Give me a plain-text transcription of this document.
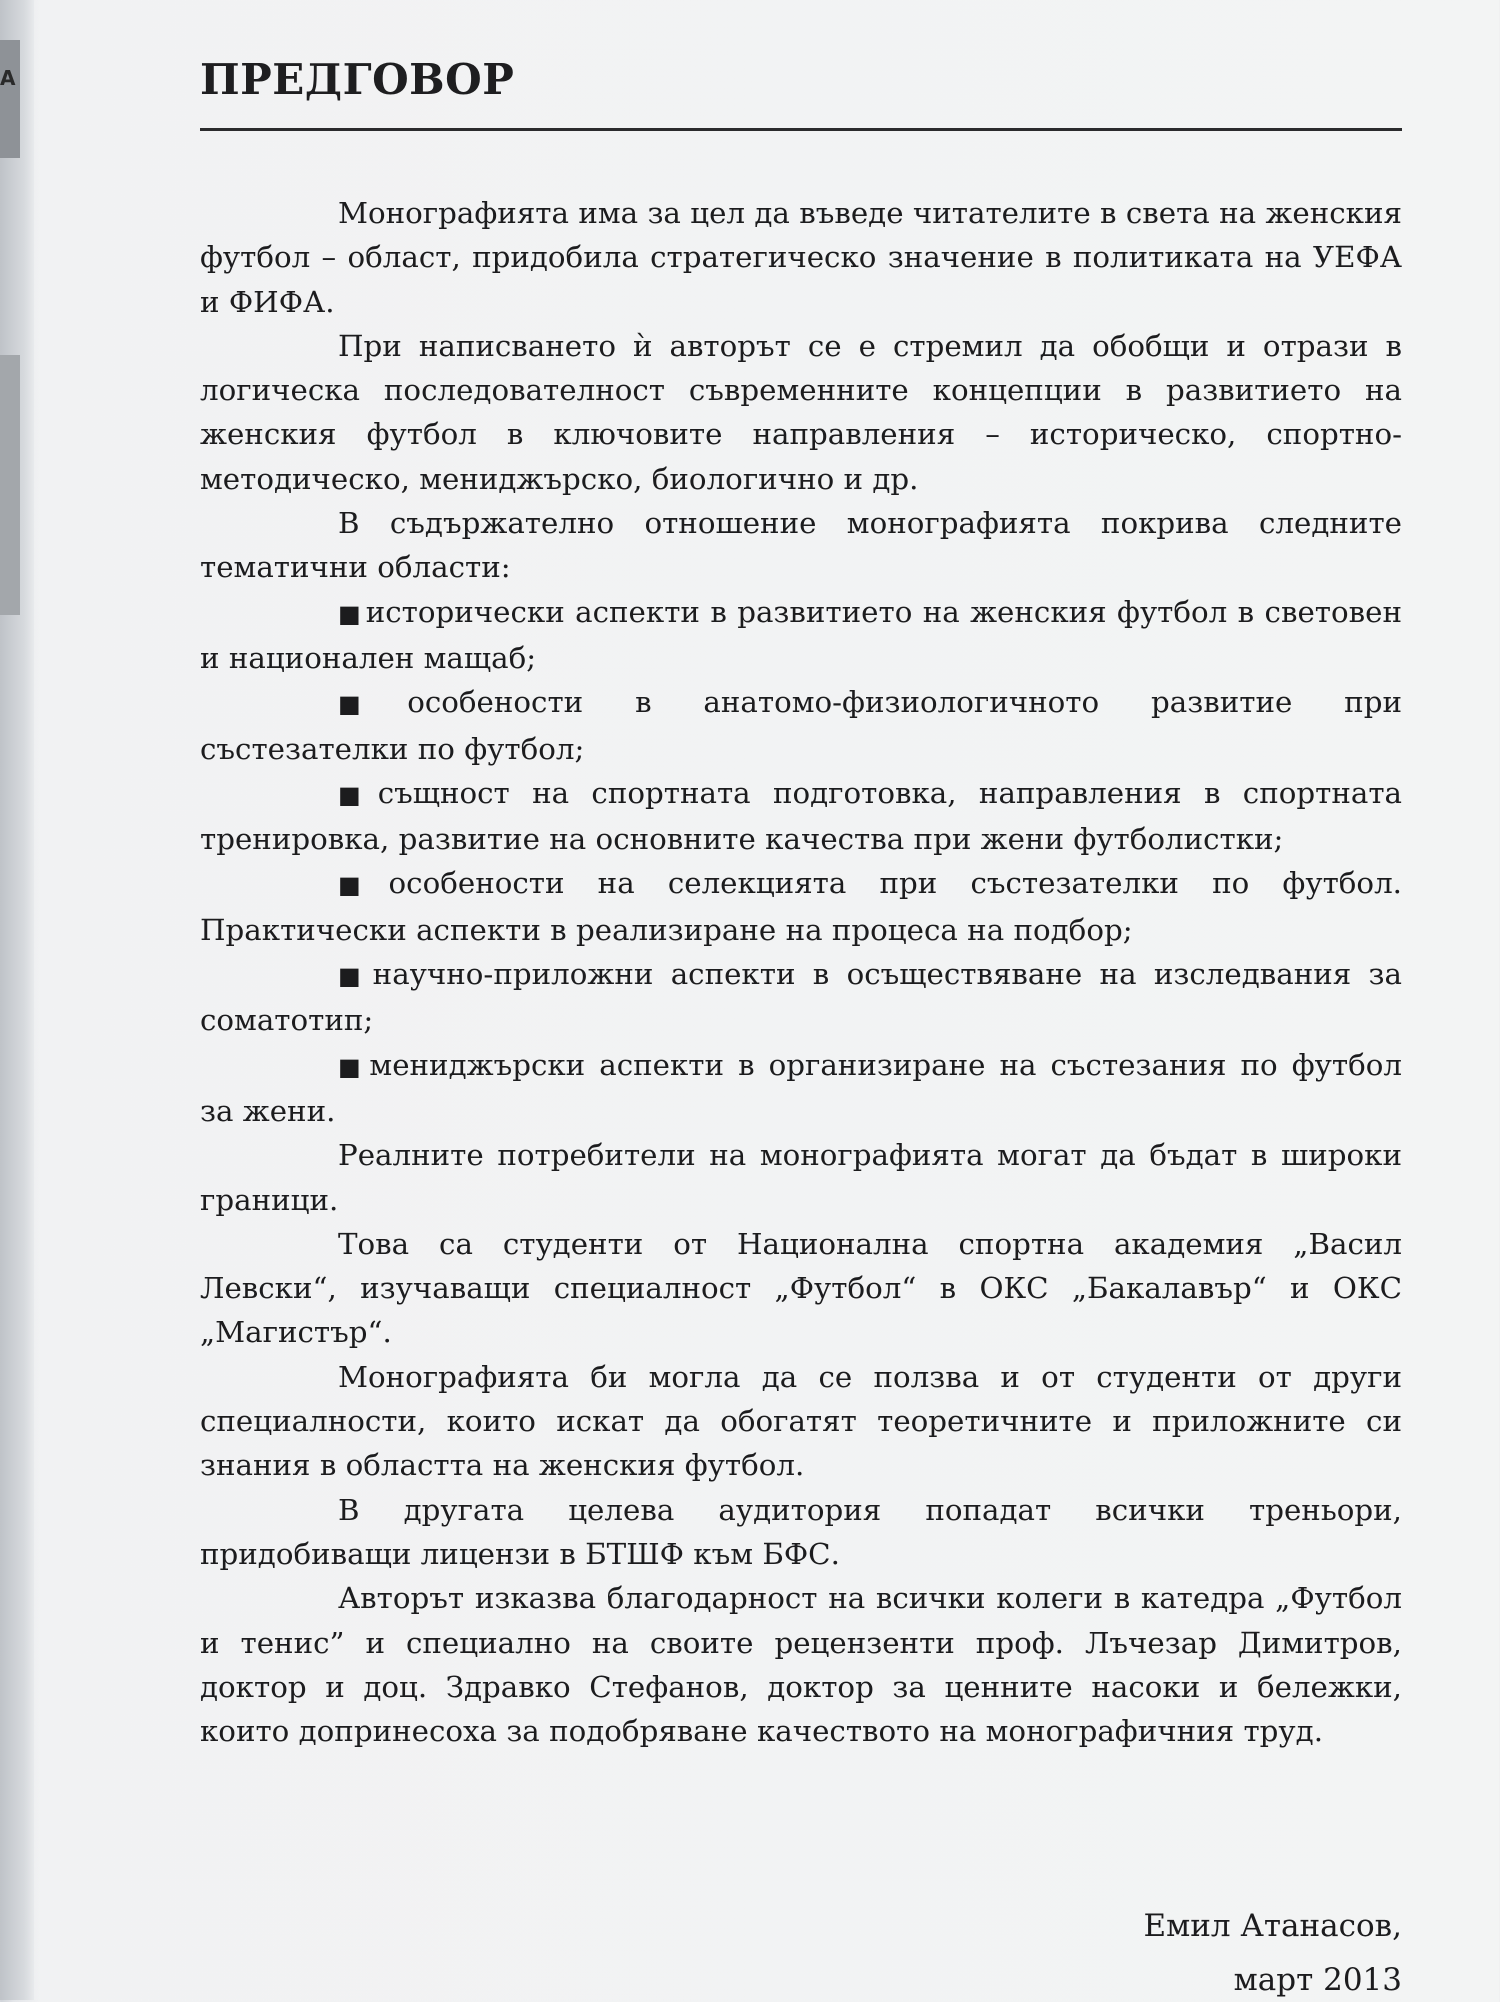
А	ПРЕДГОВОР

Монографията има за цел да въведе читателите в света на женския футбол – област, придобила стратегическо значение в политиката на УЕФА и ФИФА.

При написването ѝ авторът се е стремил да обобщи и отрази в логическа последователност съвременните концепции в развитието на женския футбол в ключовите направления – историческо, спортно-методическо, мениджърско, биологично и др.

В съдържателно отношение монографията покрива следните тематични области:

■ исторически аспекти в развитието на женския футбол в световен и национален мащаб;

■ особености в анатомо-физиологичното развитие при състезателки по футбол;

■ същност на спортната подготовка, направления в спортната тренировка, развитие на основните качества при жени футболистки;

■ особености на селекцията при състезателки по футбол. Практически аспекти в реализиране на процеса на подбор;

■ научно-приложни аспекти в осъществяване на изследвания за соматотип;

■ мениджърски аспекти в организиране на състезания по футбол за жени.

Реалните потребители на монографията могат да бъдат в широки граници.

Това са студенти от Национална спортна академия „Васил Левски“, изучаващи специалност „Футбол“ в ОКС „Бакалавър“ и ОКС „Магистър“.

Монографията би могла да се ползва и от студенти от други специалности, които искат да обогатят теоретичните и приложните си знания в областта на женския футбол.

В другата целева аудитория попадат всички треньори, придобиващи лицензи в БТШФ към БФС.

Авторът изказва благодарност на всички колеги в катедра „Футбол и тенис” и специално на своите рецензенти проф. Лъчезар Димитров, доктор и доц. Здравко Стефанов, доктор за ценните насоки и бележки, които допринесоха за подобряване качеството на монографичния труд.

Емил Атанасов,
март 2013
